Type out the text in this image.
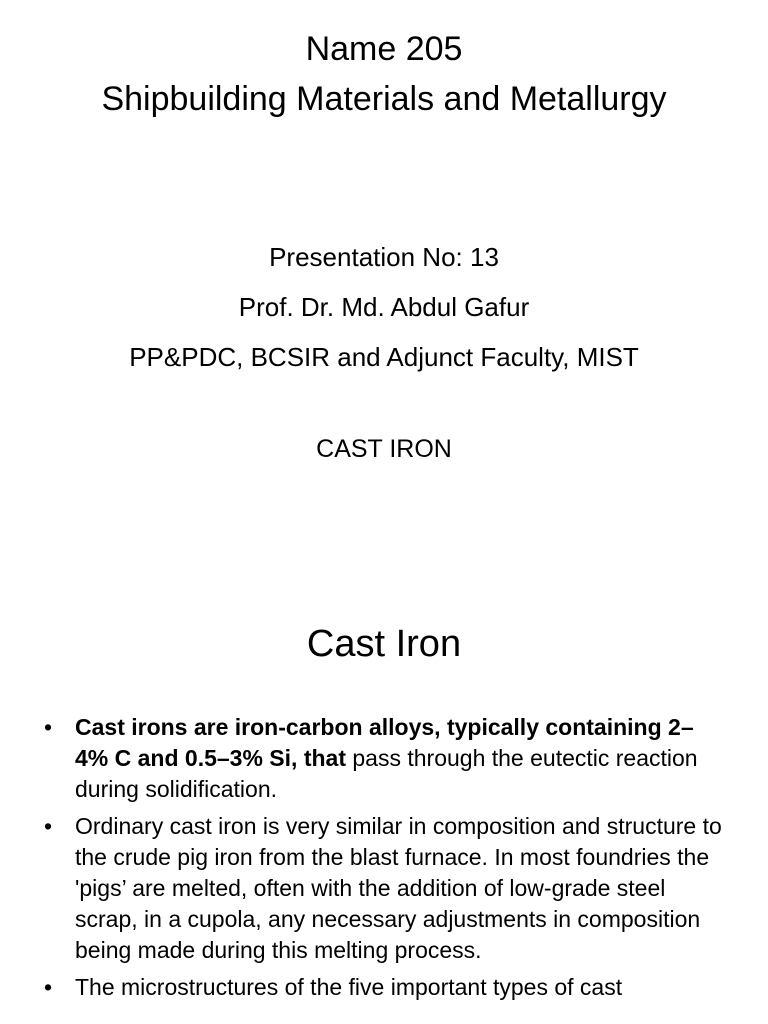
Name 205
Shipbuilding Materials and Metallurgy
Presentation No: 13
Prof. Dr. Md. Abdul Gafur
PP&PDC, BCSIR and Adjunct Faculty, MIST
CAST IRON
Cast Iron
• Cast irons are iron-carbon alloys, typically containing 2–4% C and 0.5–3% Si, that pass through the eutectic reaction during solidification.
• Ordinary cast iron is very similar in composition and structure to the crude pig iron from the blast furnace. In most foundries the 'pigs’ are melted, often with the addition of low-grade steel scrap, in a cupola, any necessary adjustments in composition being made during this melting process.
• The microstructures of the five important types of cast
